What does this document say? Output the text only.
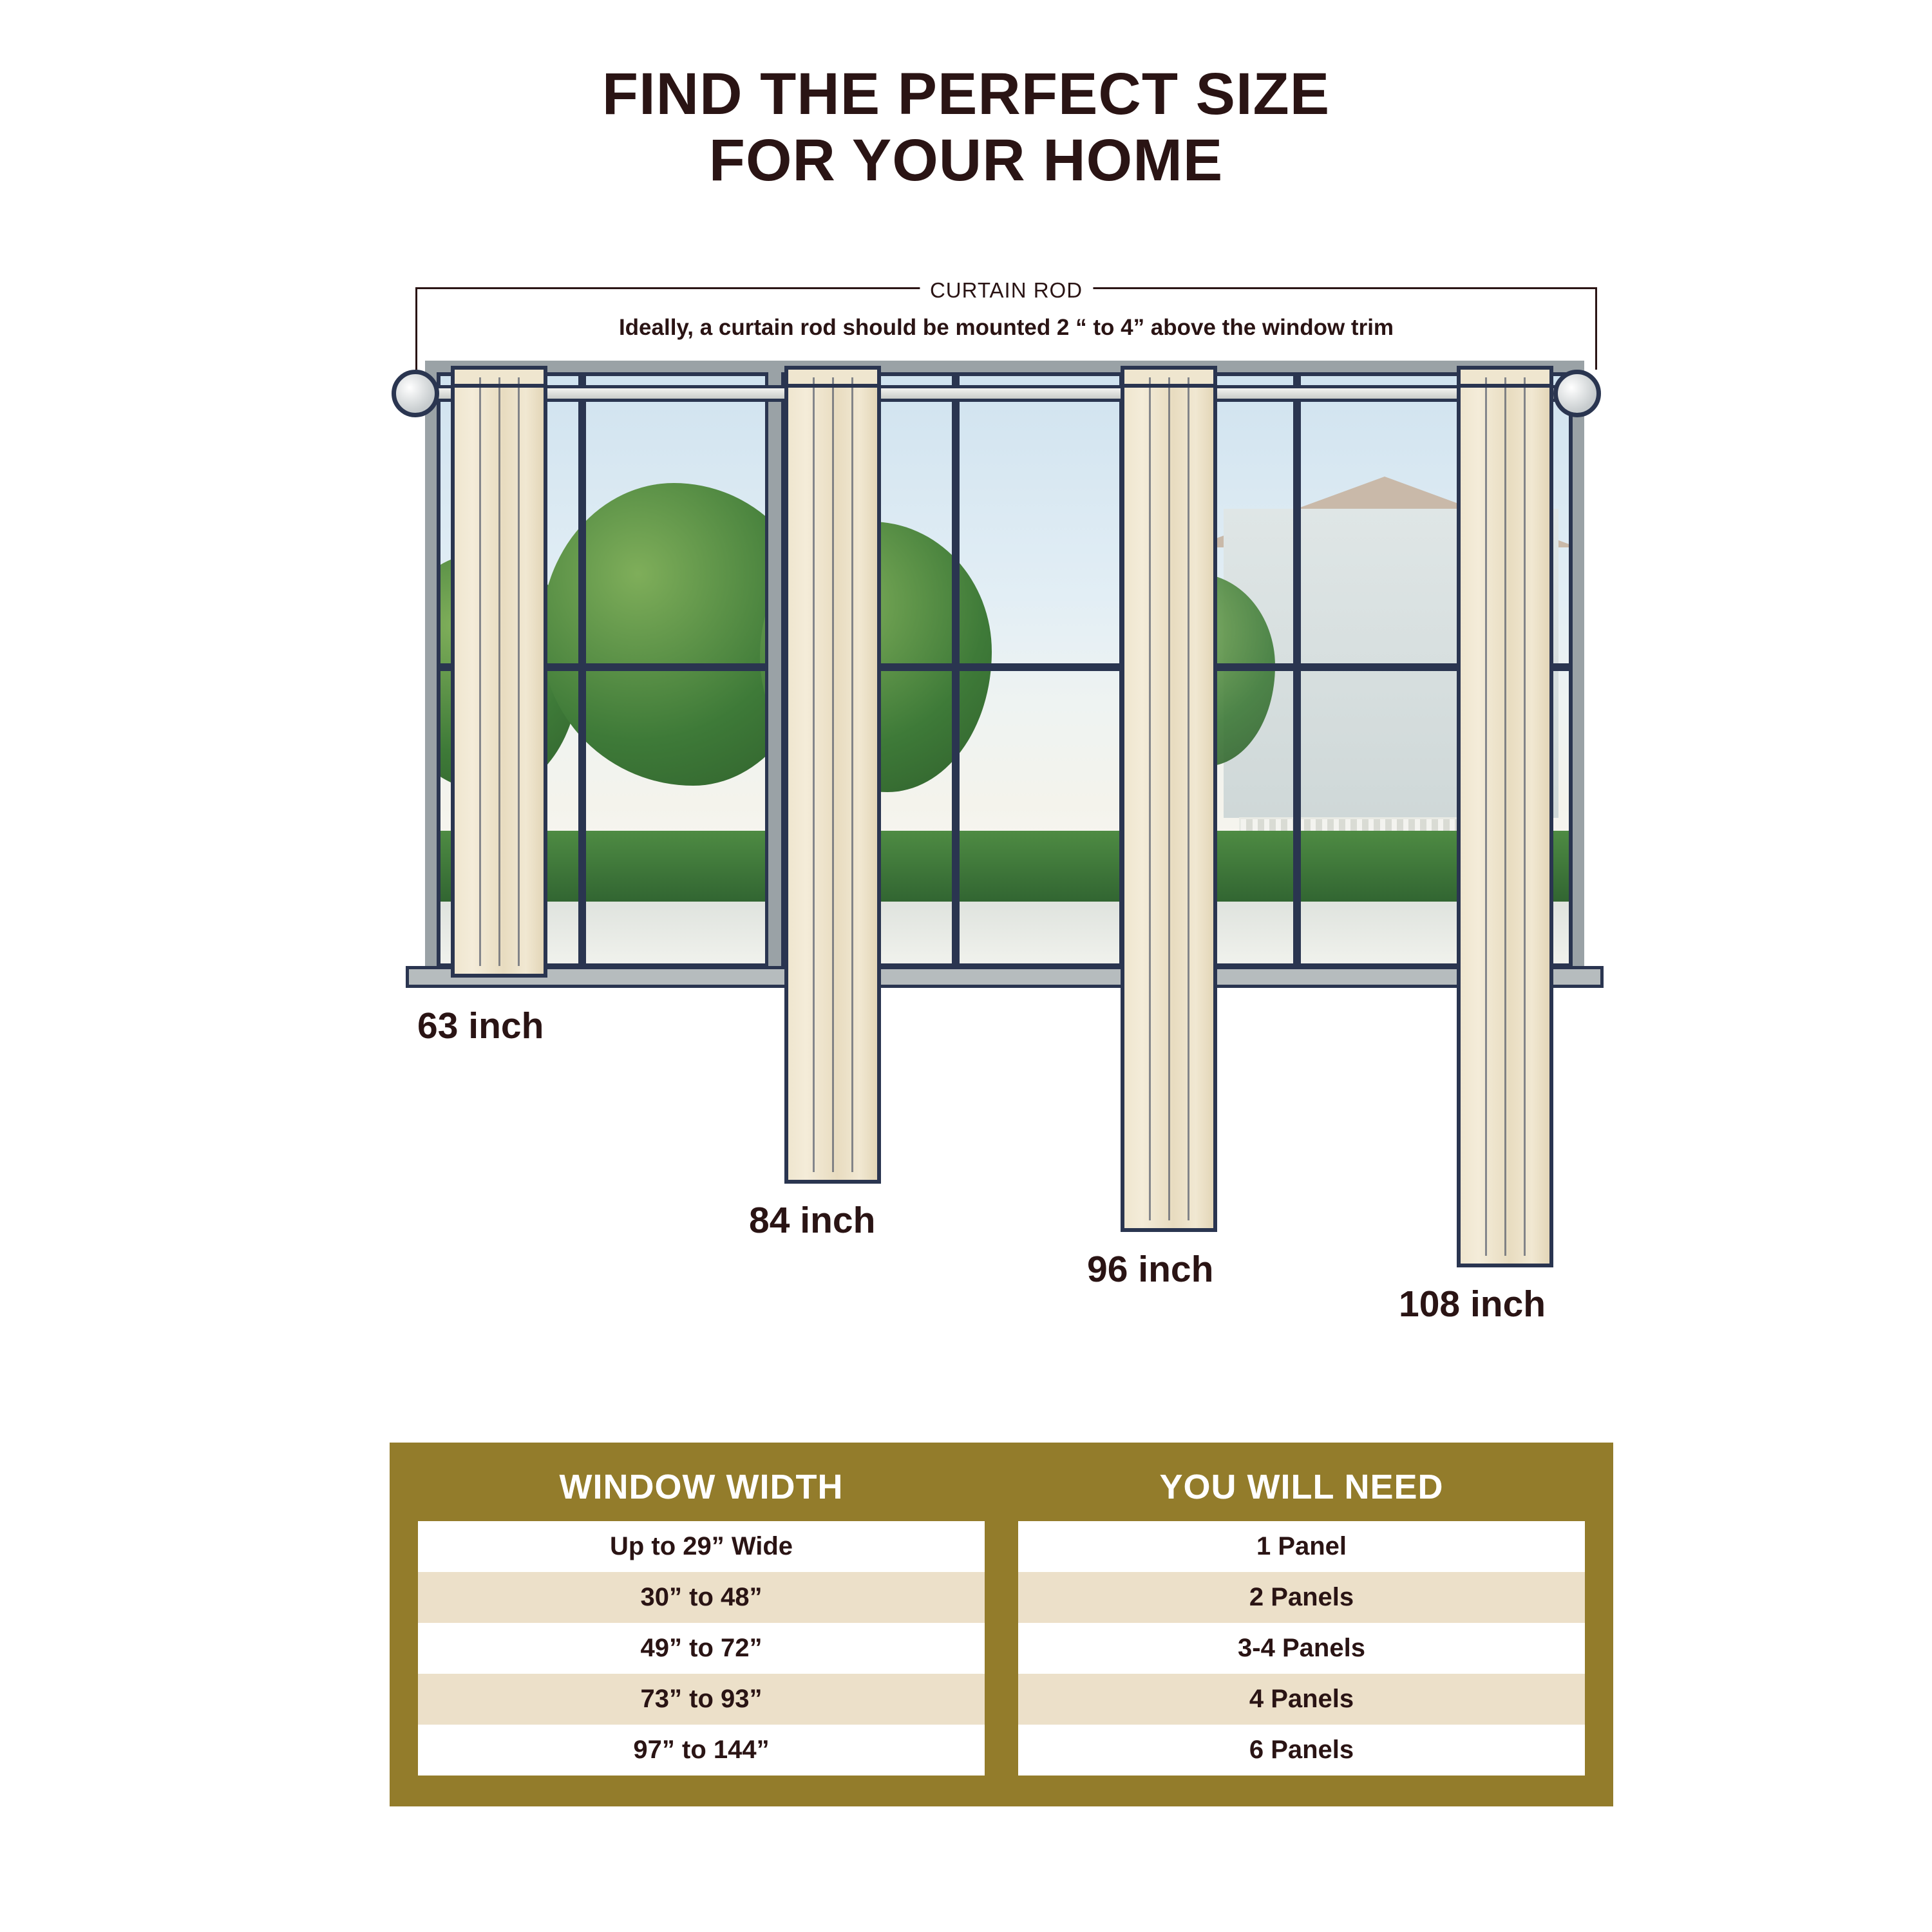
FIND THE PERFECT SIZE
FOR YOUR HOME
CURTAIN ROD
Ideally, a curtain rod should be mounted 2 “ to 4” above the window trim
63 inch
84 inch
96 inch
108 inch
WINDOW WIDTH	YOU WILL NEED
Up to 29” Wide
30” to 48”
49” to 72”
73” to 93”
97” to 144”
1 Panel
2 Panels
3-4 Panels
4 Panels
6 Panels
